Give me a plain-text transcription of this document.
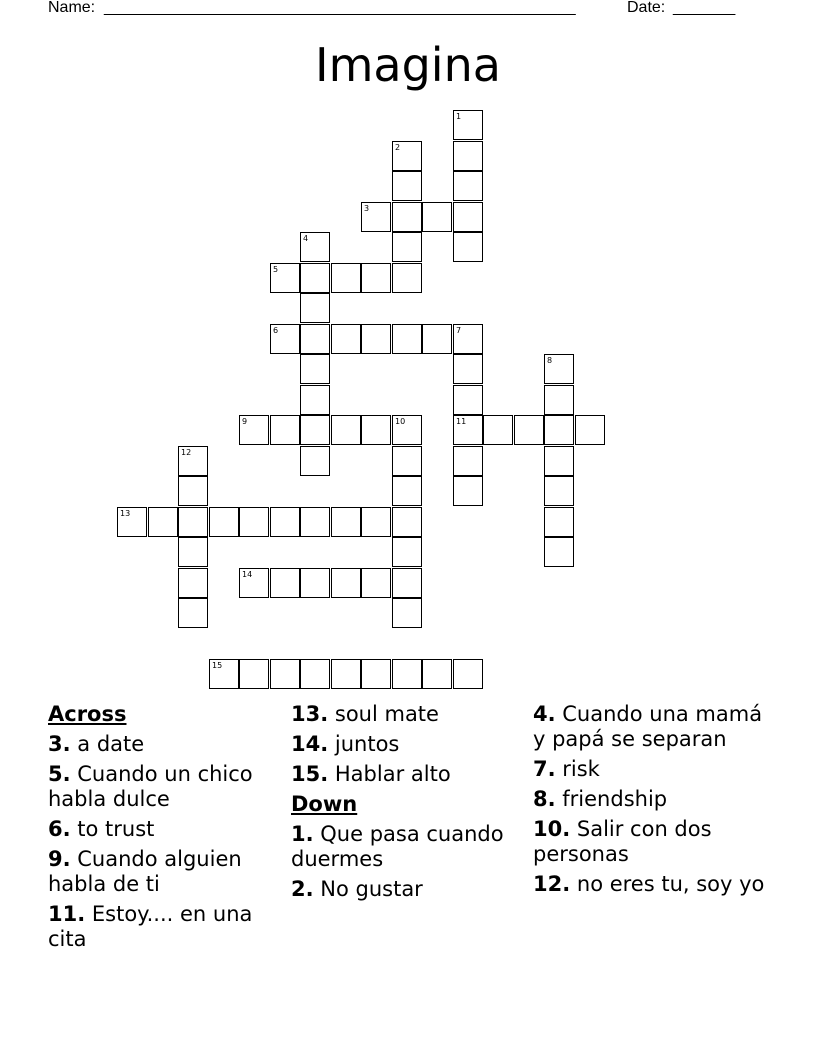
Name: _____________________________________________________	Date: _______
Imagina
1
2
3
4
5
6	7
8
9	10	11
12
13
14
15
Across
3. a date
5. Cuando un chico habla dulce
6. to trust
9. Cuando alguien habla de ti
11. Estoy.... en una cita
13. soul mate
14. juntos
15. Hablar alto
Down
1. Que pasa cuando duermes
2. No gustar
4. Cuando una mamá y papá se separan
7. risk
8. friendship
10. Salir con dos personas
12. no eres tu, soy yo
